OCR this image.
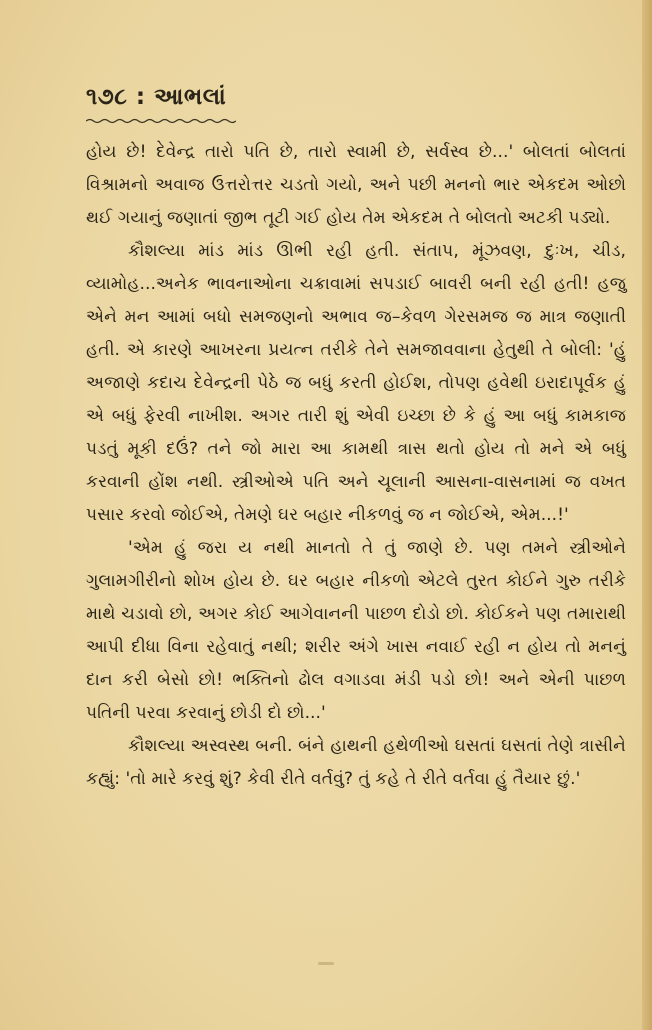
૧૭૮ : આભલાં

હોય છે! દેવેન્દ્ર તારો પતિ છે, તારો સ્વામી છે, સર્વસ્વ છે...' બોલતાં બોલતાં વિશ્રામનો અવાજ ઉત્તરોત્તર ચડતો ગયો, અને પછી મનનો ભાર એકદમ ઓછો થઈ ગયાનું જણાતાં જીભ તૂટી ગઈ હોય તેમ એકદમ તે બોલતો અટકી પડ્યો.

કૌશલ્યા માંડ માંડ ઊભી રહી હતી. સંતાપ, મૂંઝવણ, દુઃખ, ચીડ, વ્યામોહ...અનેક ભાવનાઓના ચક્રાવામાં સપડાઈ બાવરી બની રહી હતી! હજુ એને મન આમાં બધો સમજણનો અભાવ જ–કેવળ ગેરસમજ જ માત્ર જણાતી હતી. એ કારણે આખરના પ્રયત્ન તરીકે તેને સમજાવવાના હેતુથી તે બોલી: 'હું અજાણે કદાચ દેવેન્દ્રની પેઠે જ બધું કરતી હોઈશ, તોપણ હવેથી ઇરાદાપૂર્વક હું એ બધું ફેરવી નાખીશ. અગર તારી શું એવી ઇચ્છા છે કે હું આ બધું કામકાજ પડતું મૂકી દઉં? તને જો મારા આ કામથી ત્રાસ થતો હોય તો મને એ બધું કરવાની હોંશ નથી. સ્ત્રીઓએ પતિ અને ચૂલાની આસના-વાસનામાં જ વખત પસાર કરવો જોઈએ, તેમણે ઘર બહાર નીકળવું જ ન જોઈએ, એમ...!'

'એમ હું જરા ય નથી માનતો તે તું જાણે છે. પણ તમને સ્ત્રીઓને ગુલામગીરીનો શોખ હોય છે. ઘર બહાર નીકળો એટલે તુરત કોઈને ગુરુ તરીકે માથે ચડાવો છો, અગર કોઈ આગેવાનની પાછળ દોડો છો. કોઈકને પણ તમારાથી આપી દીધા વિના રહેવાતું નથી; શરીર અંગે ખાસ નવાઈ રહી ન હોય તો મનનું દાન કરી બેસો છો! ભક્તિનો ઢોલ વગાડવા મંડી પડો છો! અને એની પાછળ પતિની પરવા કરવાનું છોડી દો છો...'

કૌશલ્યા અસ્વસ્થ બની. બંને હાથની હથેળીઓ ઘસતાં ઘસતાં તેણે ત્રાસીને કહ્યું: 'તો મારે કરવું શું? કેવી રીતે વર્તવું? તું કહે તે રીતે વર્તવા હું તૈયાર છું.'
